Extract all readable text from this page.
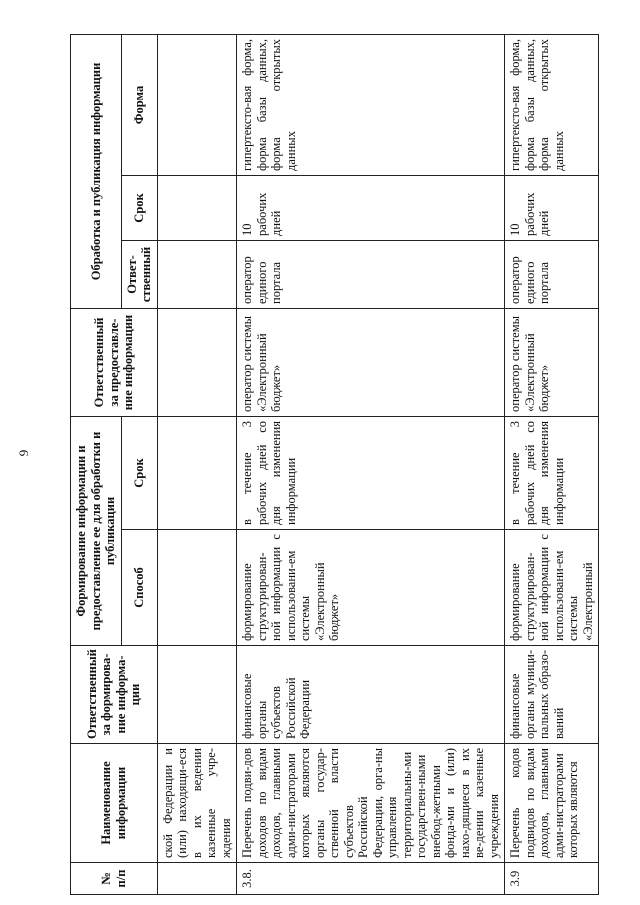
9
№ п/п	Наименование информации	Ответственный за формирова-ние информа-ции	Формирование информации и предоставление ее для обработки и публикации		Ответственный за предоставле-ние информации	Обработка и публикация информации		
			Способ	Срок		Ответ-ственный	Срок	Форма
	ской Федерации и (или) находящи-еся в их ведении казенные учре-ждения							
3.8.	Перечень подви-дов доходов по видам доходов, главными адми-нистраторами которых являются органы государ-ственной власти субъектов Российской Федерации, орга-ны управления территориальны-ми государствен-ными внебюд-жетными фонда-ми и (или) нахо-дящиеся в их ве-дении казенные учреждения	финансовые органы субъектов Российской Федерации	формирование структурирован-ной информации с использовани-ем системы «Электронный бюджет»	в течение 3 рабочих дней со дня изменения информации	оператор системы «Электронный бюджет»	оператор единого портала	10 рабочих дней	гипертексто-вая форма, форма базы данных, форма открытых данных
3.9	Перечень кодов подвидов по видам доходов, главными адми-нистраторами которых являются	финансовые органы муници-пальных образо-ваний	формирование структурирован-ной информации с использовани-ем системы «Электронный	в течение 3 рабочих дней со дня изменения информации	оператор системы «Электронный бюджет»	оператор единого портала	10 рабочих дней	гипертексто-вая форма, форма базы данных, форма открытых данных
